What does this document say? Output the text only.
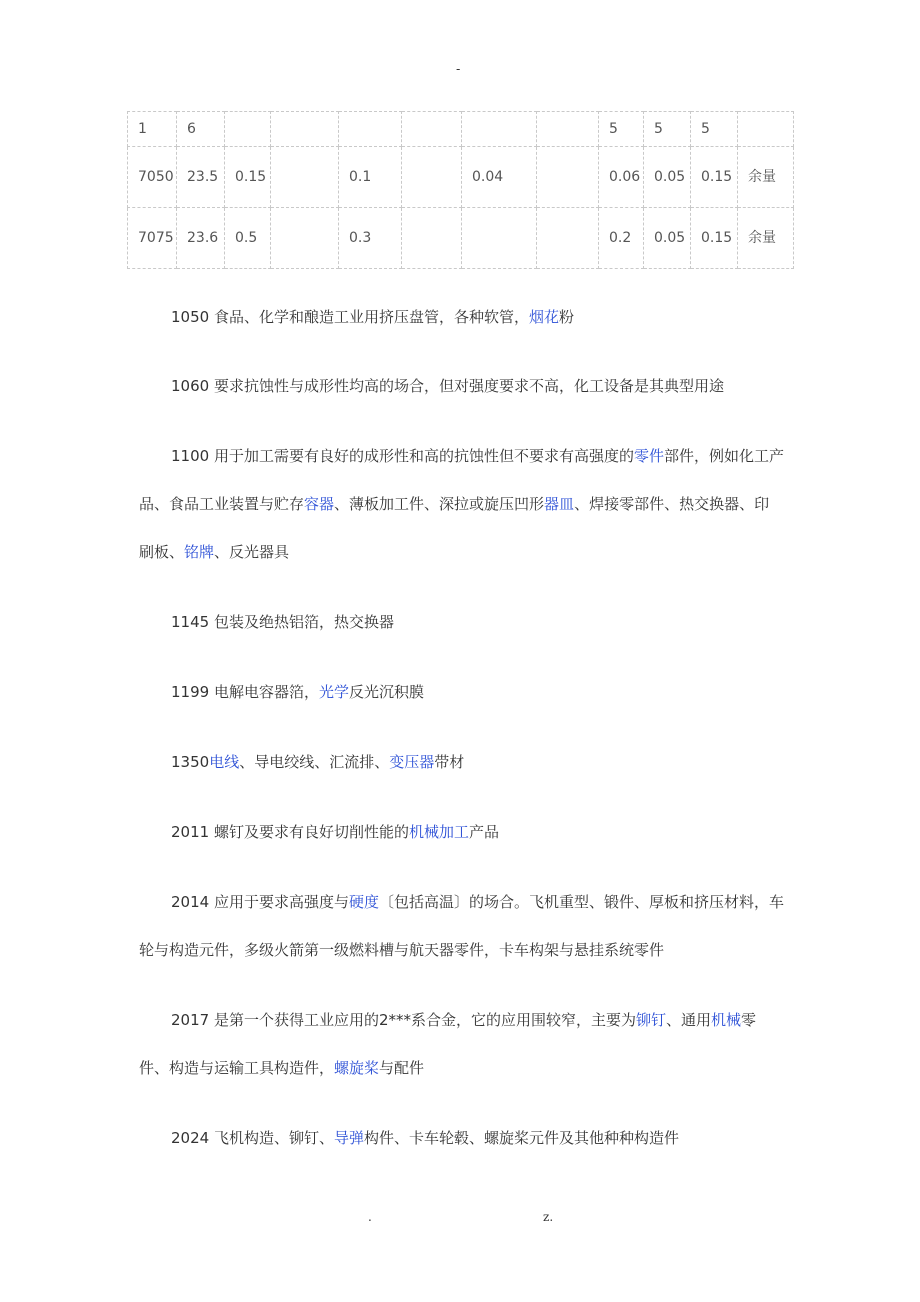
-
1	6							5	5	5	
7050	23.5	0.15		0.1		0.04		0.06	0.05	0.15	余量
7075	23.6	0.5		0.3				0.2	0.05	0.15	余量

1050 食品、化学和酿造工业用挤压盘管，各种软管，烟花粉

1060 要求抗蚀性与成形性均高的场合，但对强度要求不高，化工设备是其典型用途

1100 用于加工需要有良好的成形性和高的抗蚀性但不要求有高强度的零件部件，例如化工产品、食品工业装置与贮存容器、薄板加工件、深拉或旋压凹形器皿、焊接零部件、热交换器、印刷板、铭牌、反光器具

1145 包装及绝热铝箔，热交换器

1199 电解电容器箔，光学反光沉积膜

1350电线、导电绞线、汇流排、变压器带材

2011 螺钉及要求有良好切削性能的机械加工产品

2014 应用于要求高强度与硬度〔包括高温〕的场合。飞机重型、锻件、厚板和挤压材料，车轮与构造元件，多级火箭第一级燃料槽与航天器零件，卡车构架与悬挂系统零件

2017 是第一个获得工业应用的2***系合金，它的应用围较窄，主要为铆钉、通用机械零件、构造与运输工具构造件，螺旋桨与配件

2024 飞机构造、铆钉、导弹构件、卡车轮毂、螺旋桨元件及其他种种构造件

.	z.
